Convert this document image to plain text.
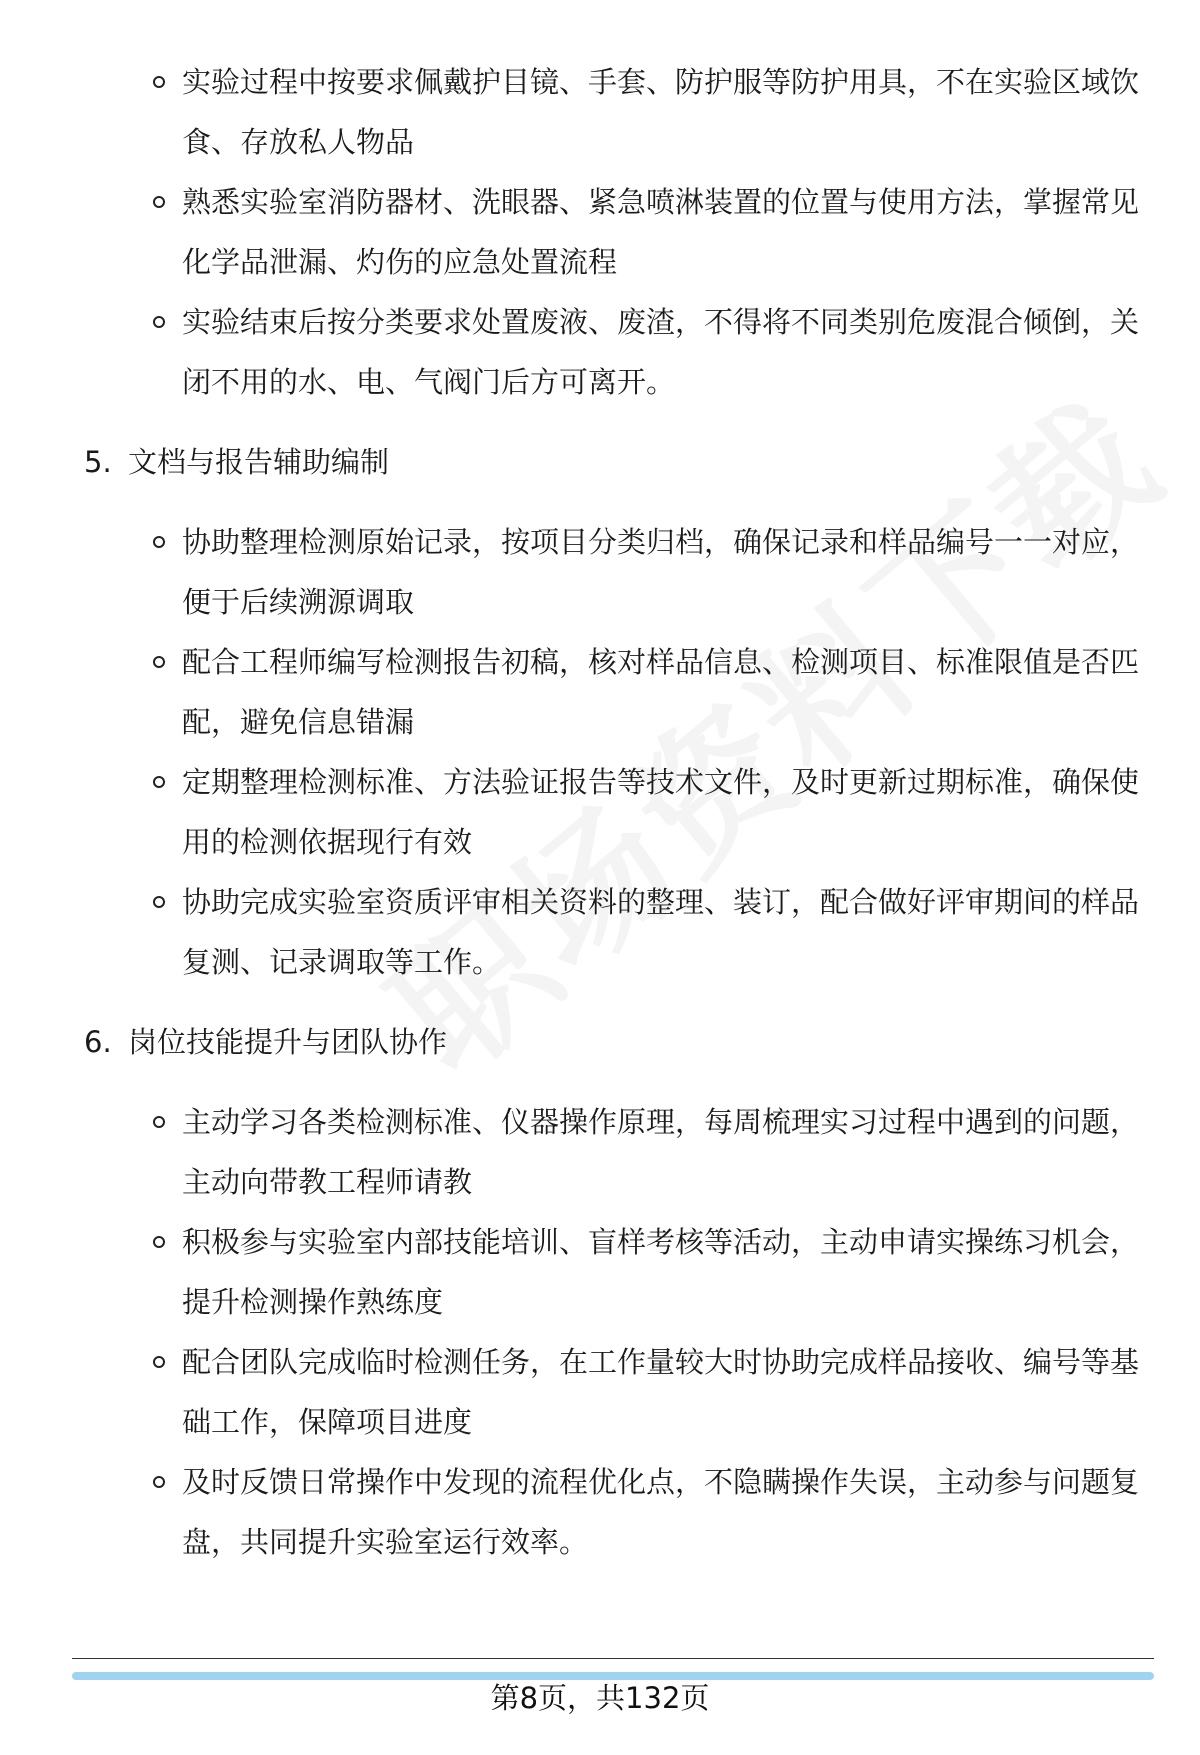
实验过程中按要求佩戴护目镜、手套、防护服等防护用具，不在实验区域饮食、存放私人物品
熟悉实验室消防器材、洗眼器、紧急喷淋装置的位置与使用方法，掌握常见化学品泄漏、灼伤的应急处置流程
实验结束后按分类要求处置废液、废渣，不得将不同类别危废混合倾倒，关闭不用的水、电、气阀门后方可离开。
5. 文档与报告辅助编制
协助整理检测原始记录，按项目分类归档，确保记录和样品编号一一对应，便于后续溯源调取
配合工程师编写检测报告初稿，核对样品信息、检测项目、标准限值是否匹配，避免信息错漏
定期整理检测标准、方法验证报告等技术文件，及时更新过期标准，确保使用的检测依据现行有效
协助完成实验室资质评审相关资料的整理、装订，配合做好评审期间的样品复测、记录调取等工作。
6. 岗位技能提升与团队协作
主动学习各类检测标准、仪器操作原理，每周梳理实习过程中遇到的问题，主动向带教工程师请教
积极参与实验室内部技能培训、盲样考核等活动，主动申请实操练习机会，提升检测操作熟练度
配合团队完成临时检测任务，在工作量较大时协助完成样品接收、编号等基础工作，保障项目进度
及时反馈日常操作中发现的流程优化点，不隐瞒操作失误，主动参与问题复盘，共同提升实验室运行效率。
第8页，共132页
